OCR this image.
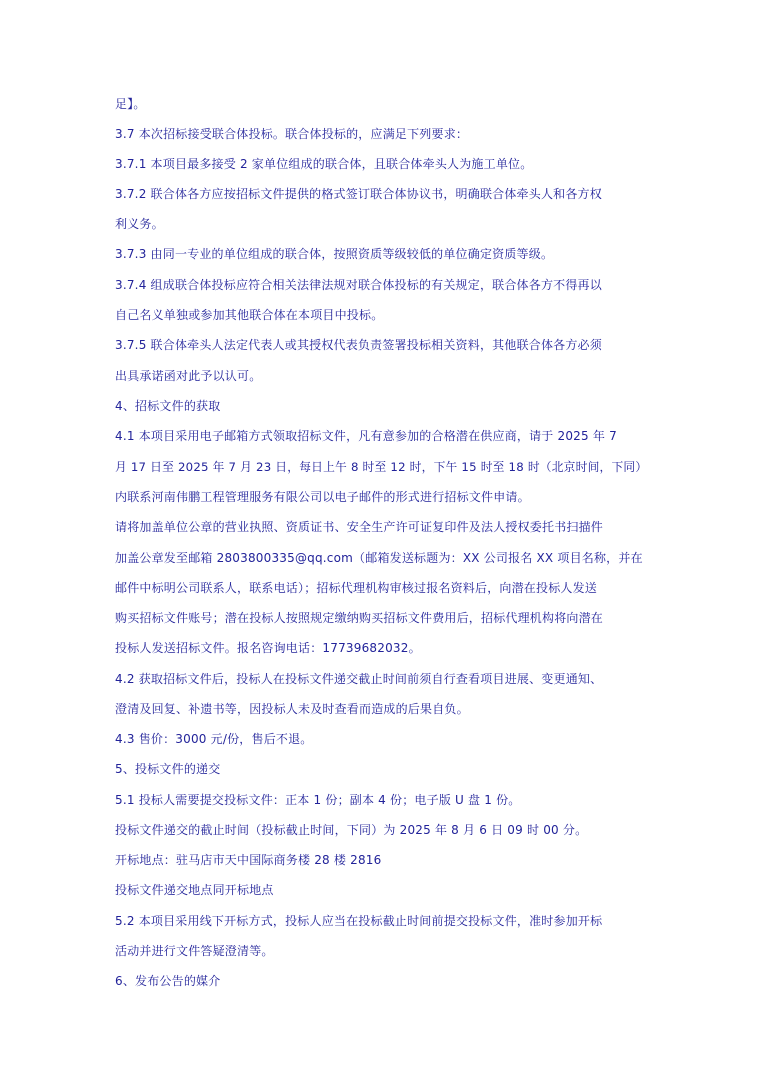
足】。
3.7 本次招标接受联合体投标。联合体投标的，应满足下列要求：
3.7.1 本项目最多接受 2 家单位组成的联合体，且联合体牵头人为施工单位。
3.7.2 联合体各方应按招标文件提供的格式签订联合体协议书，明确联合体牵头人和各方权
利义务。
3.7.3 由同一专业的单位组成的联合体，按照资质等级较低的单位确定资质等级。
3.7.4 组成联合体投标应符合相关法律法规对联合体投标的有关规定，联合体各方不得再以
自己名义单独或参加其他联合体在本项目中投标。
3.7.5 联合体牵头人法定代表人或其授权代表负责签署投标相关资料，其他联合体各方必须
出具承诺函对此予以认可。
4、招标文件的获取
4.1 本项目采用电子邮箱方式领取招标文件，凡有意参加的合格潜在供应商，请于 2025 年 7
月 17 日至 2025 年 7 月 23 日，每日上午 8 时至 12 时，下午 15 时至 18 时（北京时间，下同）
内联系河南伟鹏工程管理服务有限公司以电子邮件的形式进行招标文件申请。
请将加盖单位公章的营业执照、资质证书、安全生产许可证复印件及法人授权委托书扫描件
加盖公章发至邮箱 2803800335@qq.com（邮箱发送标题为：XX 公司报名 XX 项目名称，并在
邮件中标明公司联系人，联系电话）；招标代理机构审核过报名资料后，向潜在投标人发送
购买招标文件账号；潜在投标人按照规定缴纳购买招标文件费用后，招标代理机构将向潜在
投标人发送招标文件。报名咨询电话：17739682032。
4.2 获取招标文件后，投标人在投标文件递交截止时间前须自行查看项目进展、变更通知、
澄清及回复、补遗书等，因投标人未及时查看而造成的后果自负。
4.3 售价：3000 元/份，售后不退。
5、投标文件的递交
5.1 投标人需要提交投标文件：正本 1 份；副本 4 份；电子版 U 盘 1 份。
投标文件递交的截止时间（投标截止时间，下同）为 2025 年 8 月 6 日 09 时 00 分。
开标地点：驻马店市天中国际商务楼 28 楼 2816
投标文件递交地点同开标地点
5.2 本项目采用线下开标方式，投标人应当在投标截止时间前提交投标文件，准时参加开标
活动并进行文件答疑澄清等。
6、发布公告的媒介
